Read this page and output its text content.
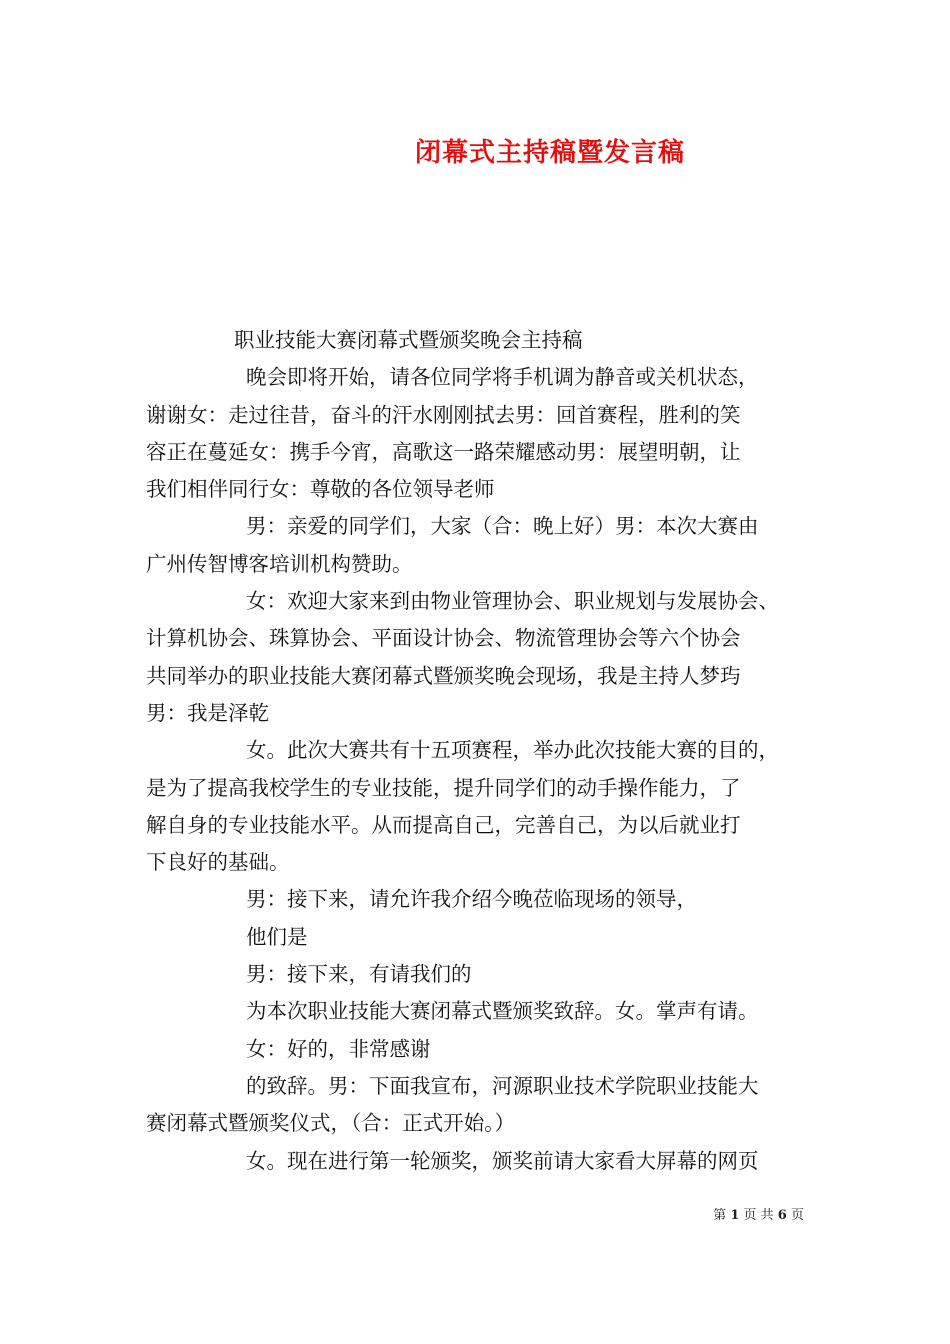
闭幕式主持稿暨发言稿
职业技能大赛闭幕式暨颁奖晚会主持稿
晚会即将开始，请各位同学将手机调为静音或关机状态，
谢谢女：走过往昔，奋斗的汗水刚刚拭去男：回首赛程，胜利的笑
容正在蔓延女：携手今宵，高歌这一路荣耀感动男：展望明朝，让
我们相伴同行女：尊敬的各位领导老师
男：亲爱的同学们，大家（合：晚上好）男：本次大赛由
广州传智博客培训机构赞助。
女：欢迎大家来到由物业管理协会、职业规划与发展协会、
计算机协会、珠算协会、平面设计协会、物流管理协会等六个协会
共同举办的职业技能大赛闭幕式暨颁奖晚会现场，我是主持人梦玙
男：我是泽乾
女。此次大赛共有十五项赛程，举办此次技能大赛的目的，
是为了提高我校学生的专业技能，提升同学们的动手操作能力，了
解自身的专业技能水平。从而提高自己，完善自己，为以后就业打
下良好的基础。
男：接下来，请允许我介绍今晚莅临现场的领导，
他们是
男：接下来，有请我们的
为本次职业技能大赛闭幕式暨颁奖致辞。女。掌声有请。
女：好的，非常感谢
的致辞。男：下面我宣布，河源职业技术学院职业技能大
赛闭幕式暨颁奖仪式，（合：正式开始。）
女。现在进行第一轮颁奖，颁奖前请大家看大屏幕的网页
第 1 页 共 6 页
